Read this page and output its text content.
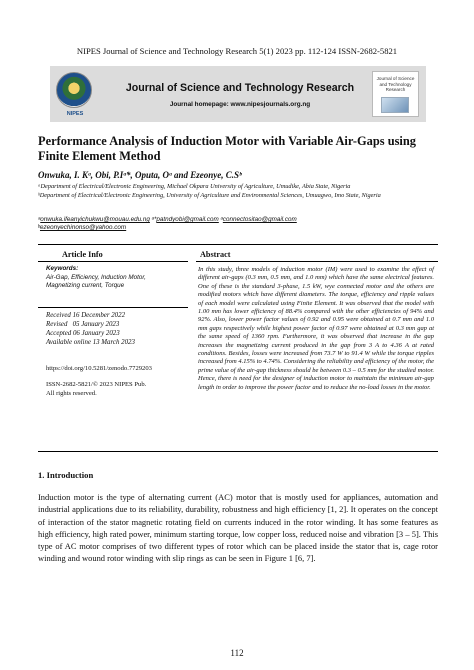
NIPES Journal of Science and Technology Research 5(1) 2023 pp. 112-124 ISSN-2682-5821
NIPES
Journal of Science and Technology Research
Journal homepage: www.nipesjournals.org.ng
Journal of Science and Technology Research
Performance Analysis of Induction Motor with Variable Air-Gaps using Finite Element Method
Onwuka, I. Kᵃ, Obi, P.Iᵃ*, Oputa, Oᵃ and Ezeonye, C.Sᵇ
ᵃDepartment of Electrical/Electronic Engineering, Michael Okpara University of Agriculture, Umudike, Abia State, Nigeria
ᵇDepartment of Electrical/Electronic Engineering, University of Agriculture and Environmental Sciences, Umuagwo, Imo State, Nigeria
ᵃonwuka.ifeanyichukwu@mouau.edu.ng ᵃ*patndyobi@gmail.com ᵃconnectositao@gmail.com
ᵇezeonyechinonso@yahoo.com
Article Info	Abstract
Keywords:
Air-Gap, Efficiency, Induction Motor, Magnetizing current, Torque
Received 16 December 2022
Revised   05 January 2023
Accepted 06 January 2023
Available online 13 March 2023
https://doi.org/10.5281/zenodo.7729203
ISSN-2682-5821/© 2023 NIPES Pub.
All rights reserved.
In this study, three models of induction motor (IM) were used to examine the effect of different air-gaps (0.3 mm, 0.5 mm, and 1.0 mm) which have the same electrical features. One of these is the standard 3-phase, 1.5 kW, wye connected motor and the others are modified motors which have different diameters. The torque, efficiency and ripple values of each model were calculated using Finite Element. It was observed that the model with 1.00 mm has lower efficiency of 88.4% compared with the other efficiencies of 94% and 92%. Also, lower power factor values of 0.92 and 0.95 were obtained at 0.7 mm and 1.0 mm gaps respectively while highest power factor of 0.97 were obtained at 0.3 mm gap at the same speed of 1360 rpm. Furthermore, it was observed that increase in the gap increases the magnetizing current produced in the gap from 3 A to 4.36 A at rated conditions. Besides, losses were increased from 73.7 W to 91.4 W while the torque ripples increased from 4.15% to 4.74%. Considering the reliability and efficiency of the motor, the prime value of the air-gap thickness should be between 0.3 – 0.5 mm for the studied motor. Hence, there is need for the designer of induction motor to maintain the minimum air-gap length in order to improve the power factor and to reduce the no-load losses in the motor.
1. Introduction
Induction motor is the type of alternating current (AC) motor that is mostly used for appliances, automation and industrial applications due to its reliability, durability, robustness and high efficiency [1, 2]. It operates on the concept of interaction of the stator magnetic rotating field on currents induced in the rotor winding. It has some features as high efficiency, high rated power, minimum starting torque, low copper loss, reduced noise and vibration [3 – 5]. This type of AC motor comprises of two different types of rotor which can be placed inside the stator that is, cage rotor winding and wound rotor winding with slip rings as can be seen in Figure 1 [6, 7].
112
